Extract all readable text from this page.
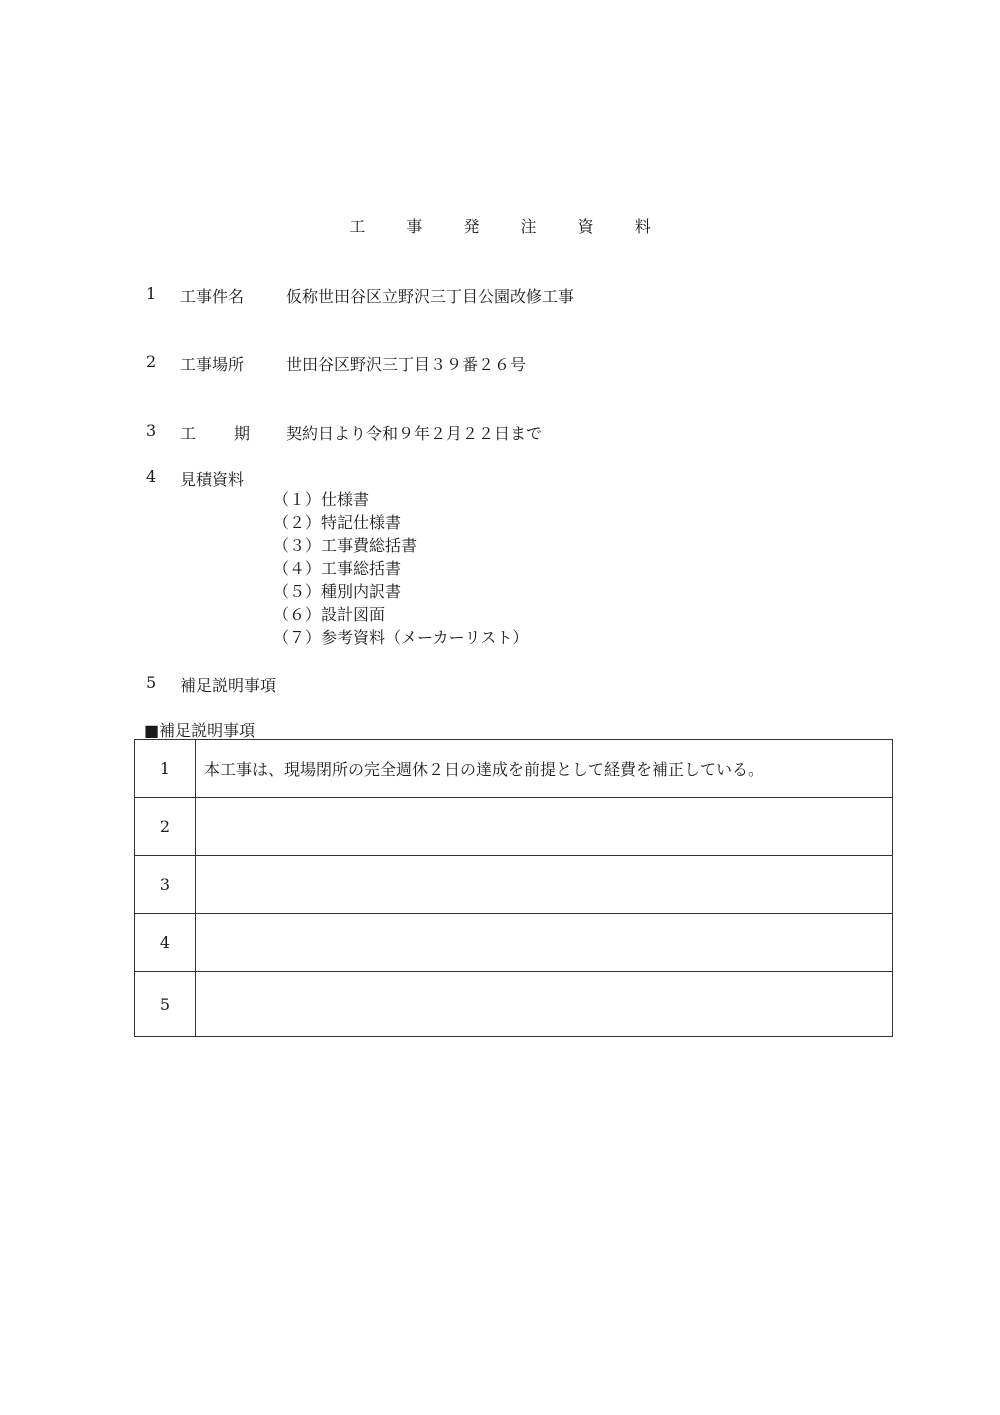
工	事	発	注	資	料
1	工事件名	仮称世田谷区立野沢三丁目公園改修工事
2	工事場所	世田谷区野沢三丁目３９番２６号
3	工 期	契約日より令和９年２月２２日まで
4	見積資料
（１）仕様書
（２）特記仕様書
（３）工事費総括書
（４）工事総括書
（５）種別内訳書
（６）設計図面
（７）参考資料（メーカーリスト）
5	補足説明事項
■補足説明事項
1	本工事は、現場閉所の完全週休２日の達成を前提として経費を補正している。
2	
3	
4	
5	
